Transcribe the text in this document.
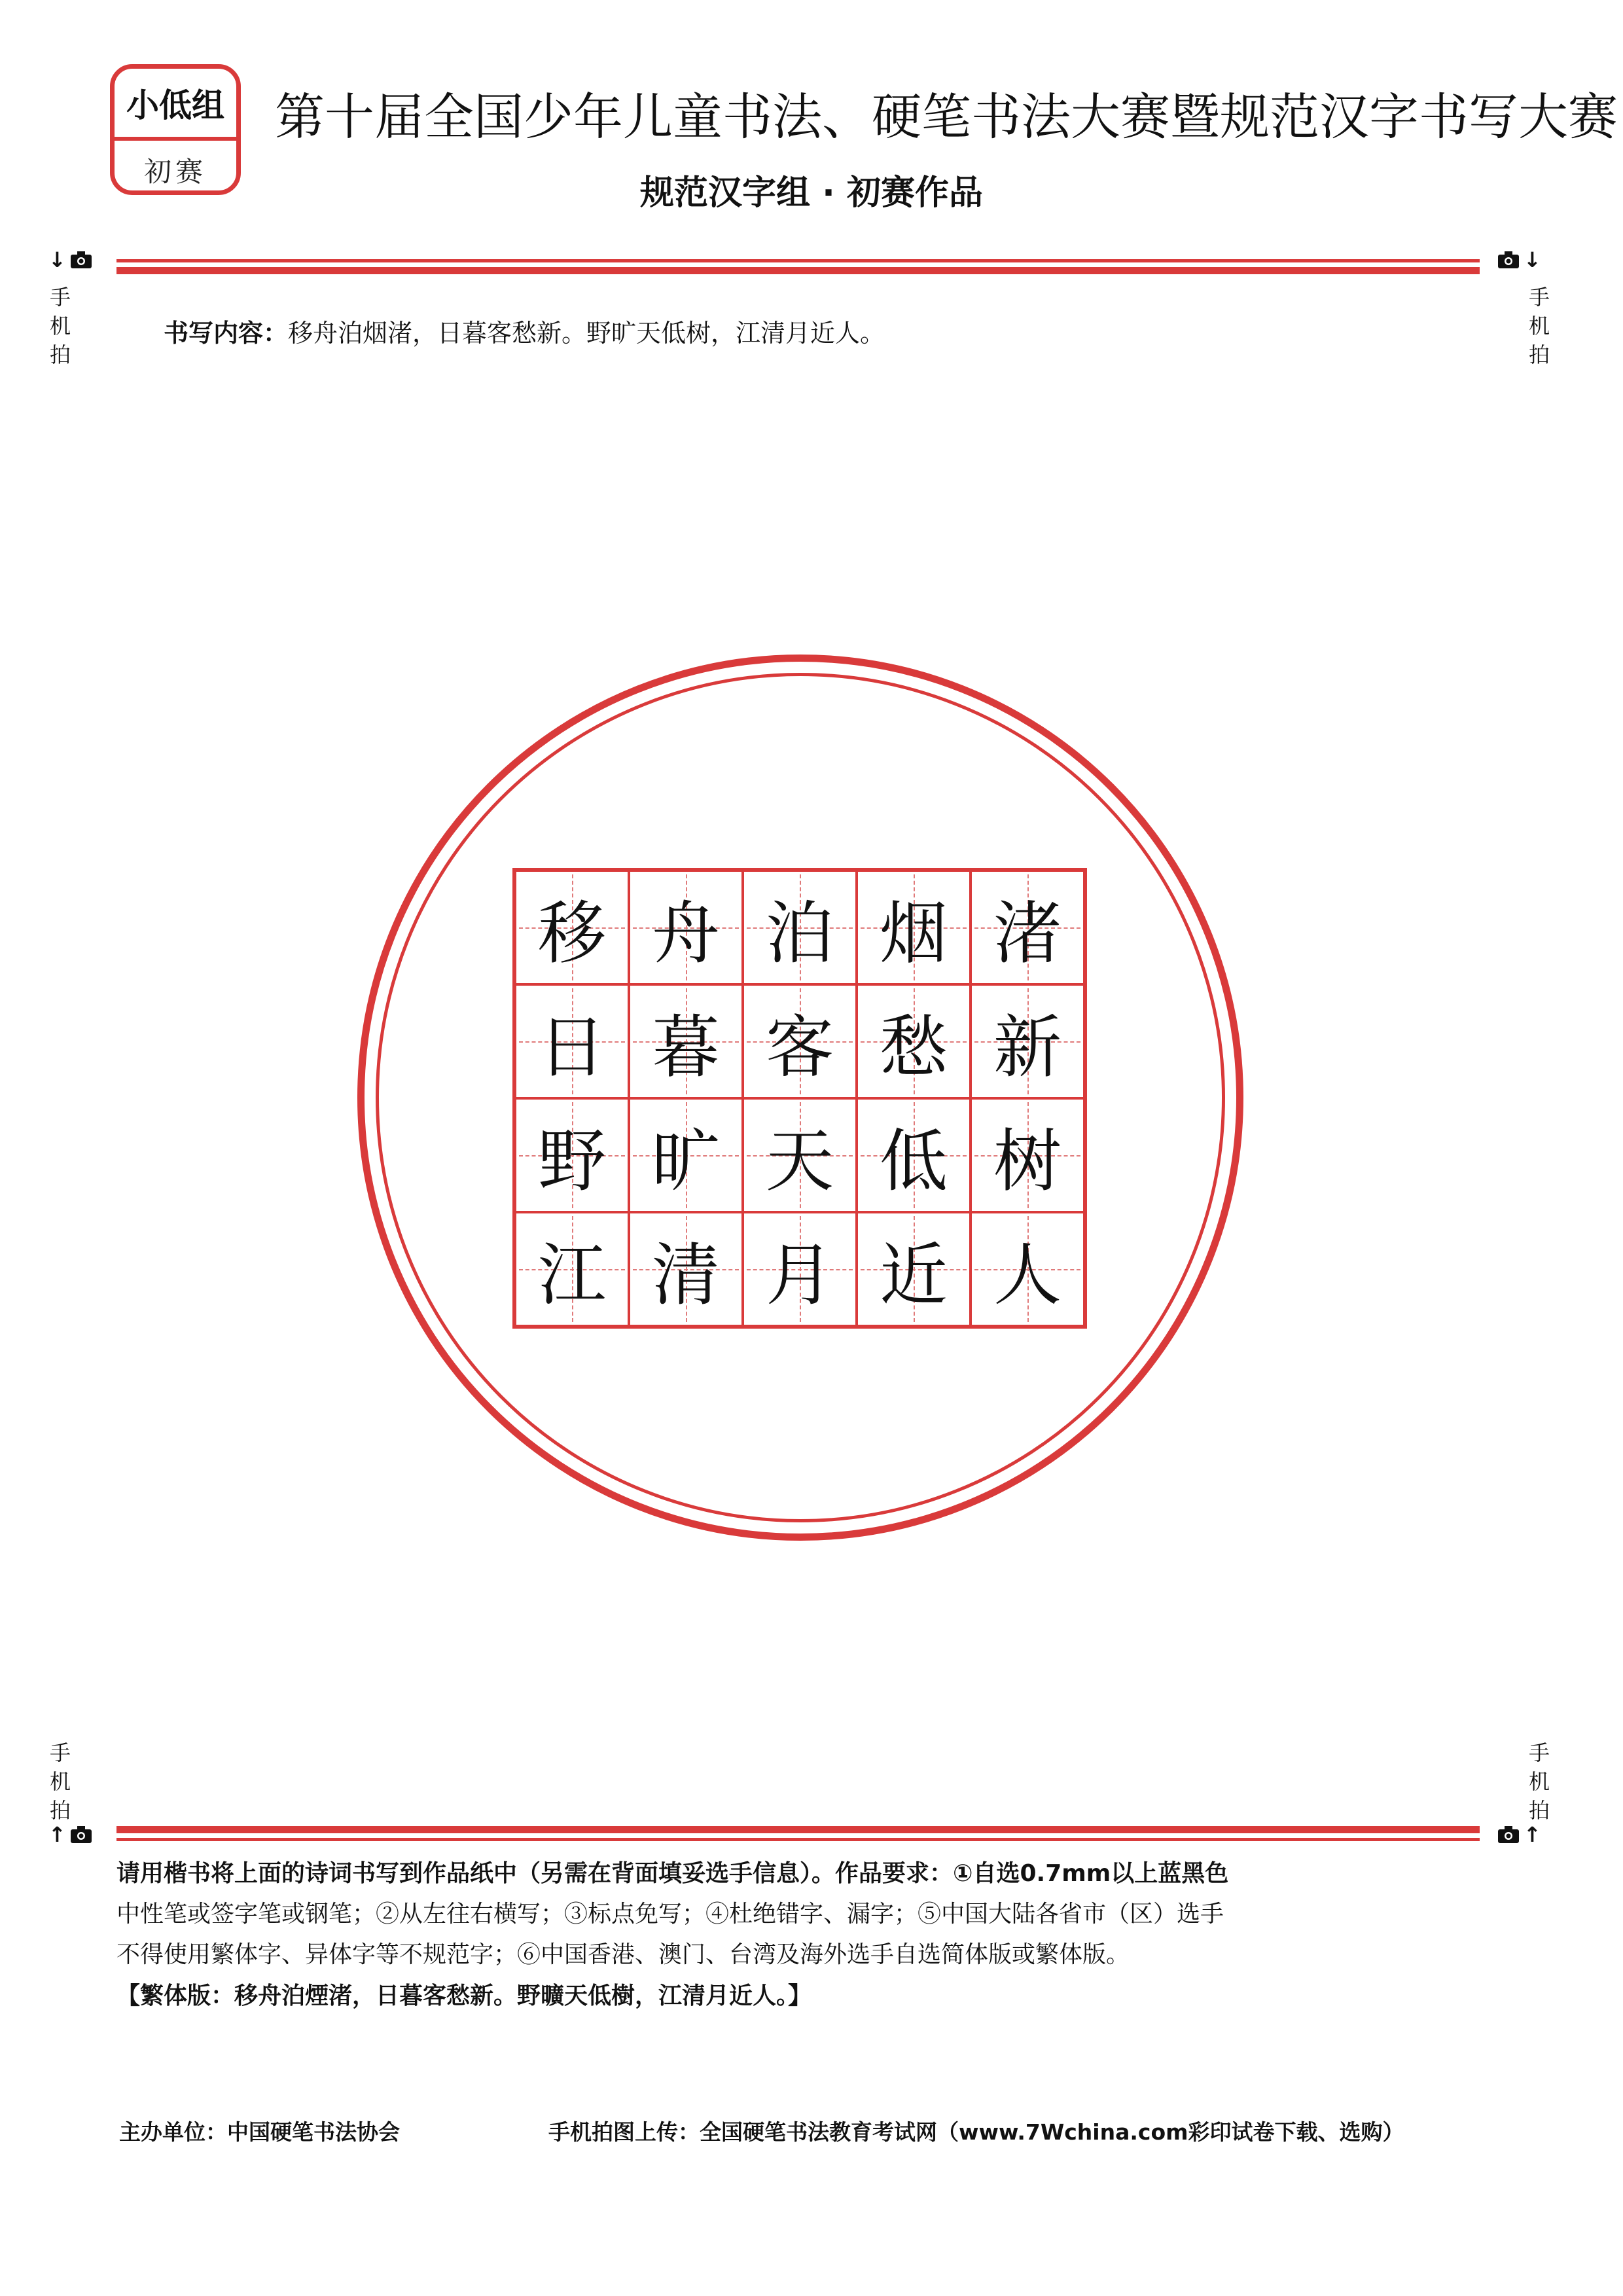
小低组
初赛
第十届全国少年儿童书法、硬笔书法大赛暨规范汉字书写大赛
规范汉字组 · 初赛作品
↓	↓
手
机
拍
手
机
拍
书写内容：移舟泊烟渚，日暮客愁新。野旷天低树，江清月近人。
移 舟 泊 烟 渚
日 暮 客 愁 新
野 旷 天 低 树
江 清 月 近 人
手
机
拍
手
机
拍
↑	↑
请用楷书将上面的诗词书写到作品纸中（另需在背面填妥选手信息）。作品要求：①自选0.7mm以上蓝黑色
中性笔或签字笔或钢笔；②从左往右横写；③标点免写；④杜绝错字、漏字；⑤中国大陆各省市（区）选手
不得使用繁体字、异体字等不规范字；⑥中国香港、澳门、台湾及海外选手自选简体版或繁体版。
【繁体版：移舟泊煙渚，日暮客愁新。野曠天低樹，江清月近人。】
主办单位：中国硬笔书法协会	手机拍图上传：全国硬笔书法教育考试网（www.7Wchina.com彩印试卷下载、选购）
